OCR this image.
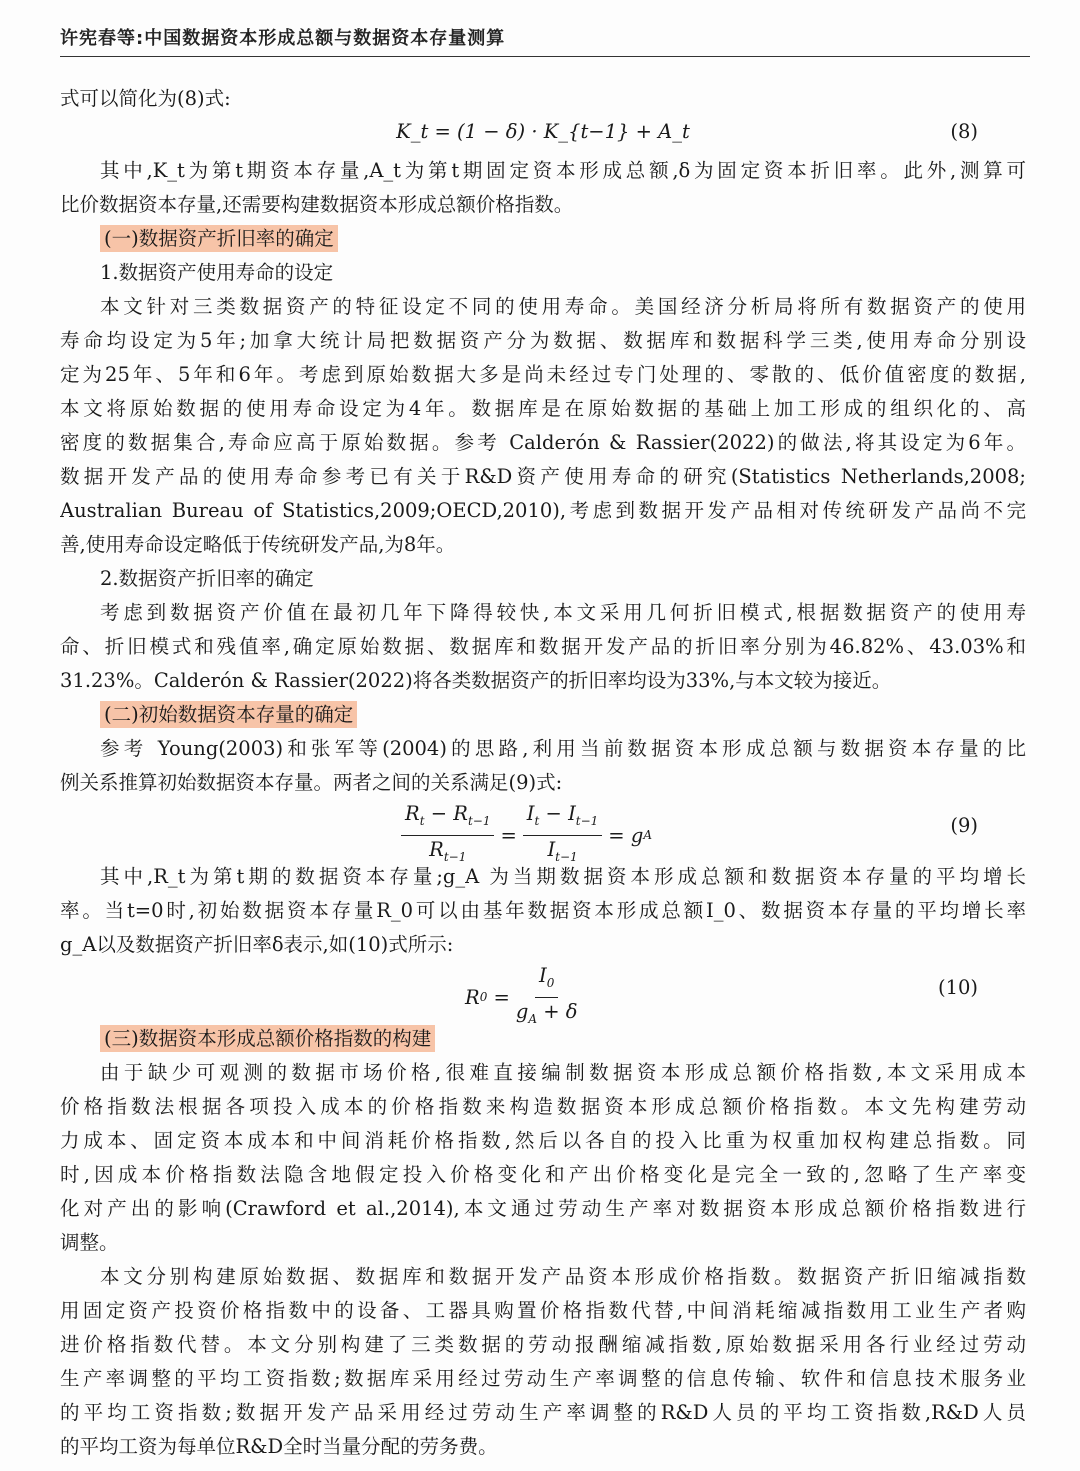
许宪春等:中国数据资本形成总额与数据资本存量测算
式可以简化为(8)式:
K_t = (1 − δ) · K_{t−1} + A_t	(8)
其中,K_t为第t期资本存量,A_t为第t期固定资本形成总额,δ为固定资本折旧率。此外,测算可
比价数据资本存量,还需要构建数据资本形成总额价格指数。
(一)数据资产折旧率的确定
1.数据资产使用寿命的设定
本文针对三类数据资产的特征设定不同的使用寿命。美国经济分析局将所有数据资产的使用
寿命均设定为5年;加拿大统计局把数据资产分为数据、数据库和数据科学三类,使用寿命分别设
定为25年、5年和6年。考虑到原始数据大多是尚未经过专门处理的、零散的、低价值密度的数据,
本文将原始数据的使用寿命设定为4年。数据库是在原始数据的基础上加工形成的组织化的、高
密度的数据集合,寿命应高于原始数据。参考 Calderón & Rassier(2022)的做法,将其设定为6年。
数据开发产品的使用寿命参考已有关于R&D资产使用寿命的研究(Statistics Netherlands,2008;
Australian Bureau of Statistics,2009;OECD,2010),考虑到数据开发产品相对传统研发产品尚不完
善,使用寿命设定略低于传统研发产品,为8年。
2.数据资产折旧率的确定
考虑到数据资产价值在最初几年下降得较快,本文采用几何折旧模式,根据数据资产的使用寿
命、折旧模式和残值率,确定原始数据、数据库和数据开发产品的折旧率分别为46.82%、43.03%和
31.23%。Calderón & Rassier(2022)将各类数据资产的折旧率均设为33%,与本文较为接近。
(二)初始数据资本存量的确定
参考 Young(2003)和张军等(2004)的思路,利用当前数据资本形成总额与数据资本存量的比
例关系推算初始数据资本存量。两者之间的关系满足(9)式:
$\frac{R_t - R_{t-1}}{R_{t-1}} = \frac{I_t - I_{t-1}}{I_{t-1}} = g$ A	(9)
其中,R_t为第t期的数据资本存量;g_A 为当期数据资本形成总额和数据资本存量的平均增长
率。当t=0时,初始数据资本存量R_0可以由基年数据资本形成总额I_0、数据资本存量的平均增长率
g_A以及数据资产折旧率δ表示,如(10)式所示:
R 0
= $\frac{I_0}{g_A + \delta}$	(10)
(三)数据资本形成总额价格指数的构建
由于缺少可观测的数据市场价格,很难直接编制数据资本形成总额价格指数,本文采用成本
价格指数法根据各项投入成本的价格指数来构造数据资本形成总额价格指数。本文先构建劳动
力成本、固定资本成本和中间消耗价格指数,然后以各自的投入比重为权重加权构建总指数。同
时,因成本价格指数法隐含地假定投入价格变化和产出价格变化是完全一致的,忽略了生产率变
化对产出的影响(Crawford et al.,2014),本文通过劳动生产率对数据资本形成总额价格指数进行
调整。
本文分别构建原始数据、数据库和数据开发产品资本形成价格指数。数据资产折旧缩减指数
用固定资产投资价格指数中的设备、工器具购置价格指数代替,中间消耗缩减指数用工业生产者购
进价格指数代替。本文分别构建了三类数据的劳动报酬缩减指数,原始数据采用各行业经过劳动
生产率调整的平均工资指数;数据库采用经过劳动生产率调整的信息传输、软件和信息技术服务业
的平均工资指数;数据开发产品采用经过劳动生产率调整的R&D人员的平均工资指数,R&D人员
的平均工资为每单位R&D全时当量分配的劳务费。
